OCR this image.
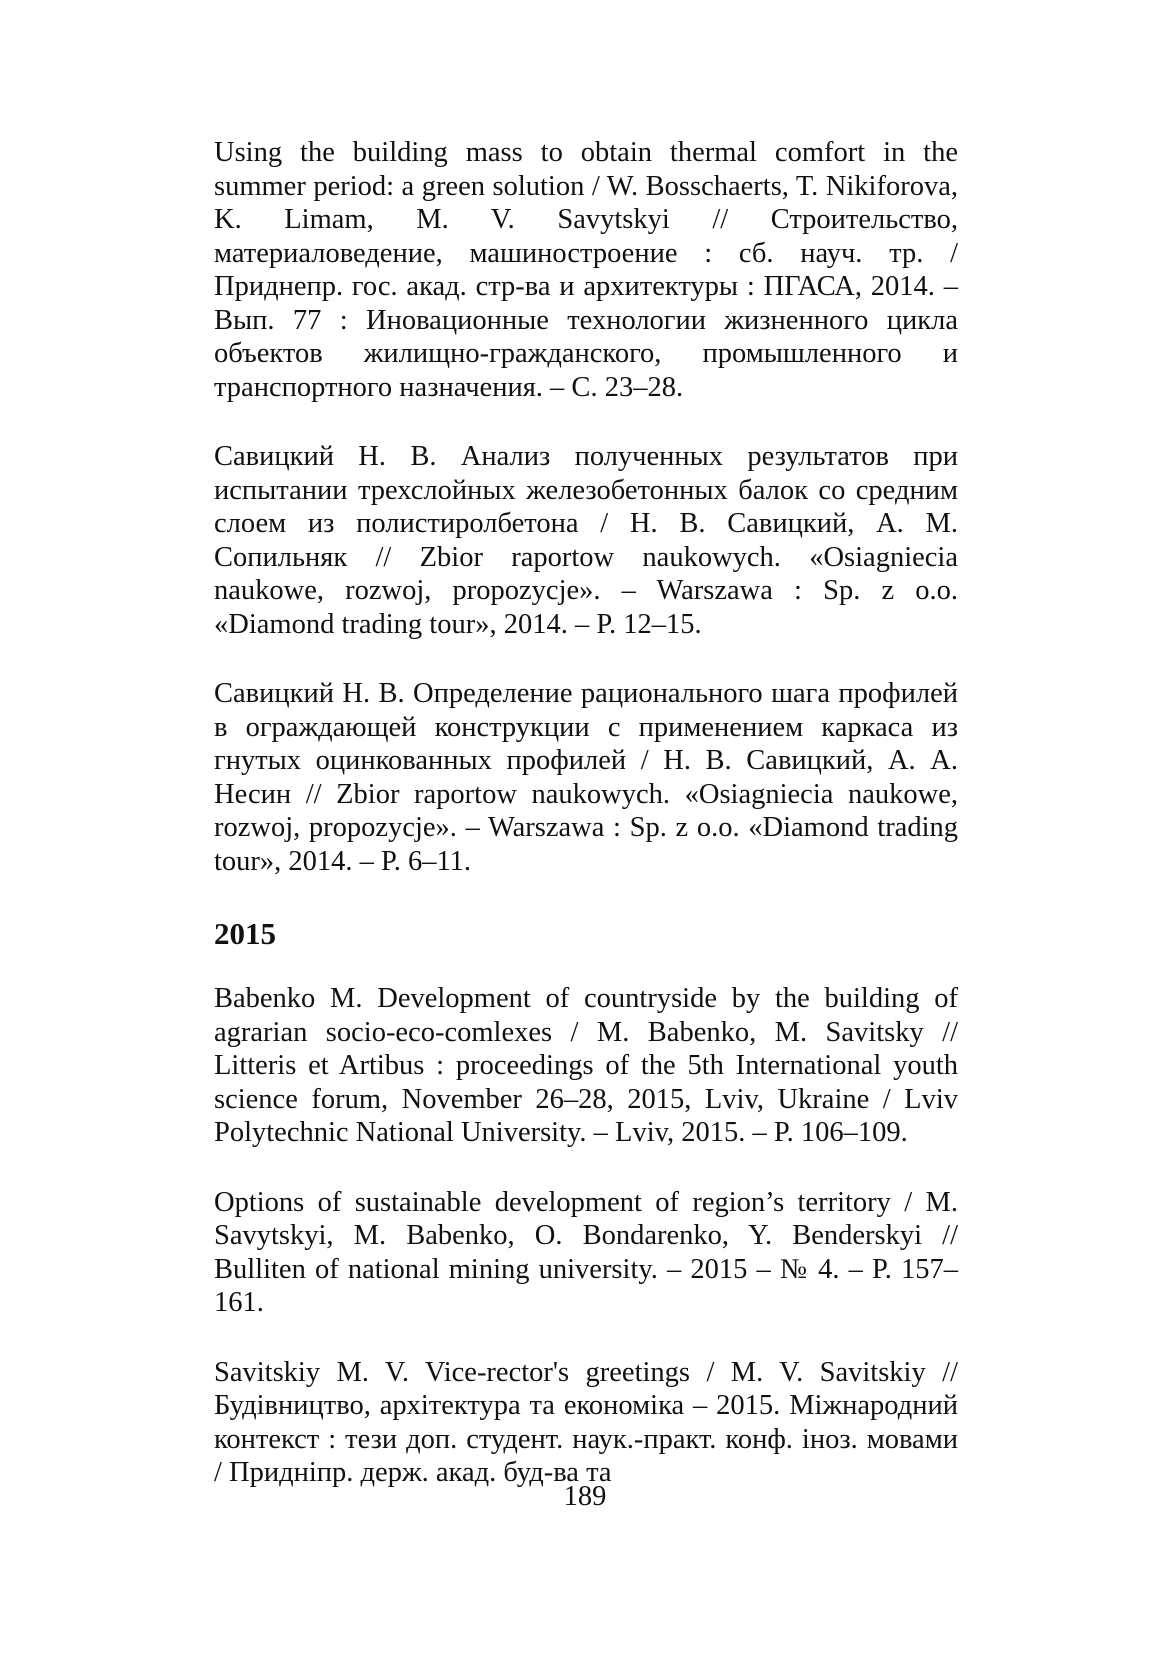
Using the building mass to obtain thermal comfort in the summer period: a green solution / W. Bosschaerts, T. Nikiforova, K. Limam, M. V. Savytskyi // Строительство, материаловедение, машиностроение : сб. науч. тр. / Приднепр. гос. акад. стр-ва и архитектуры : ПГАСА, 2014. – Вып. 77 : Иновационные технологии жизненного цикла объектов жилищно-гражданского, промышленного и транспортного назначения. – С. 23–28.

Савицкий Н. В. Анализ полученных результатов при испытании трехслойных железобетонных балок со средним слоем из полистиролбетона / Н. В. Савицкий, А. М. Сопильняк // Zbior raportow naukowych. «Osiagniecia naukowe, rozwoj, propozycje». – Warszawa : Sp. z o.o. «Diamond trading tour», 2014. – P. 12–15.

Савицкий Н. В. Определение рационального шага профилей в ограждающей конструкции с применением каркаса из гнутых оцинкованных профилей / Н. В. Савицкий, А. А. Несин // Zbior raportow naukowych. «Osiagniecia naukowe, rozwoj, propozycje». – Warszawa : Sp. z o.o. «Diamond trading tour», 2014. – P. 6–11.

2015

Babenko M. Development of countryside by the building of agrarian socio-eco-comlexes / M. Babenko, M. Savitsky // Litteris et Artibus : proceedings of the 5th International youth science forum, November 26–28, 2015, Lviv, Ukraine / Lviv Polytechnic National University. – Lviv, 2015. – P. 106–109.

Options of sustainable development of region’s territory / M. Savytskyi, M. Babenko, O. Bondarenko, Y. Benderskyi // Bulliten of national mining university. – 2015 – № 4. – P. 157–161.

Savitskiy M. V. Vice-rector's greetings / M. V. Savitskiy // Будівництво, архітектура та економіка – 2015. Міжнародний контекст : тези доп. студент. наук.-практ. конф. іноз. мовами / Придніпр. держ. акад. буд-ва та

189
